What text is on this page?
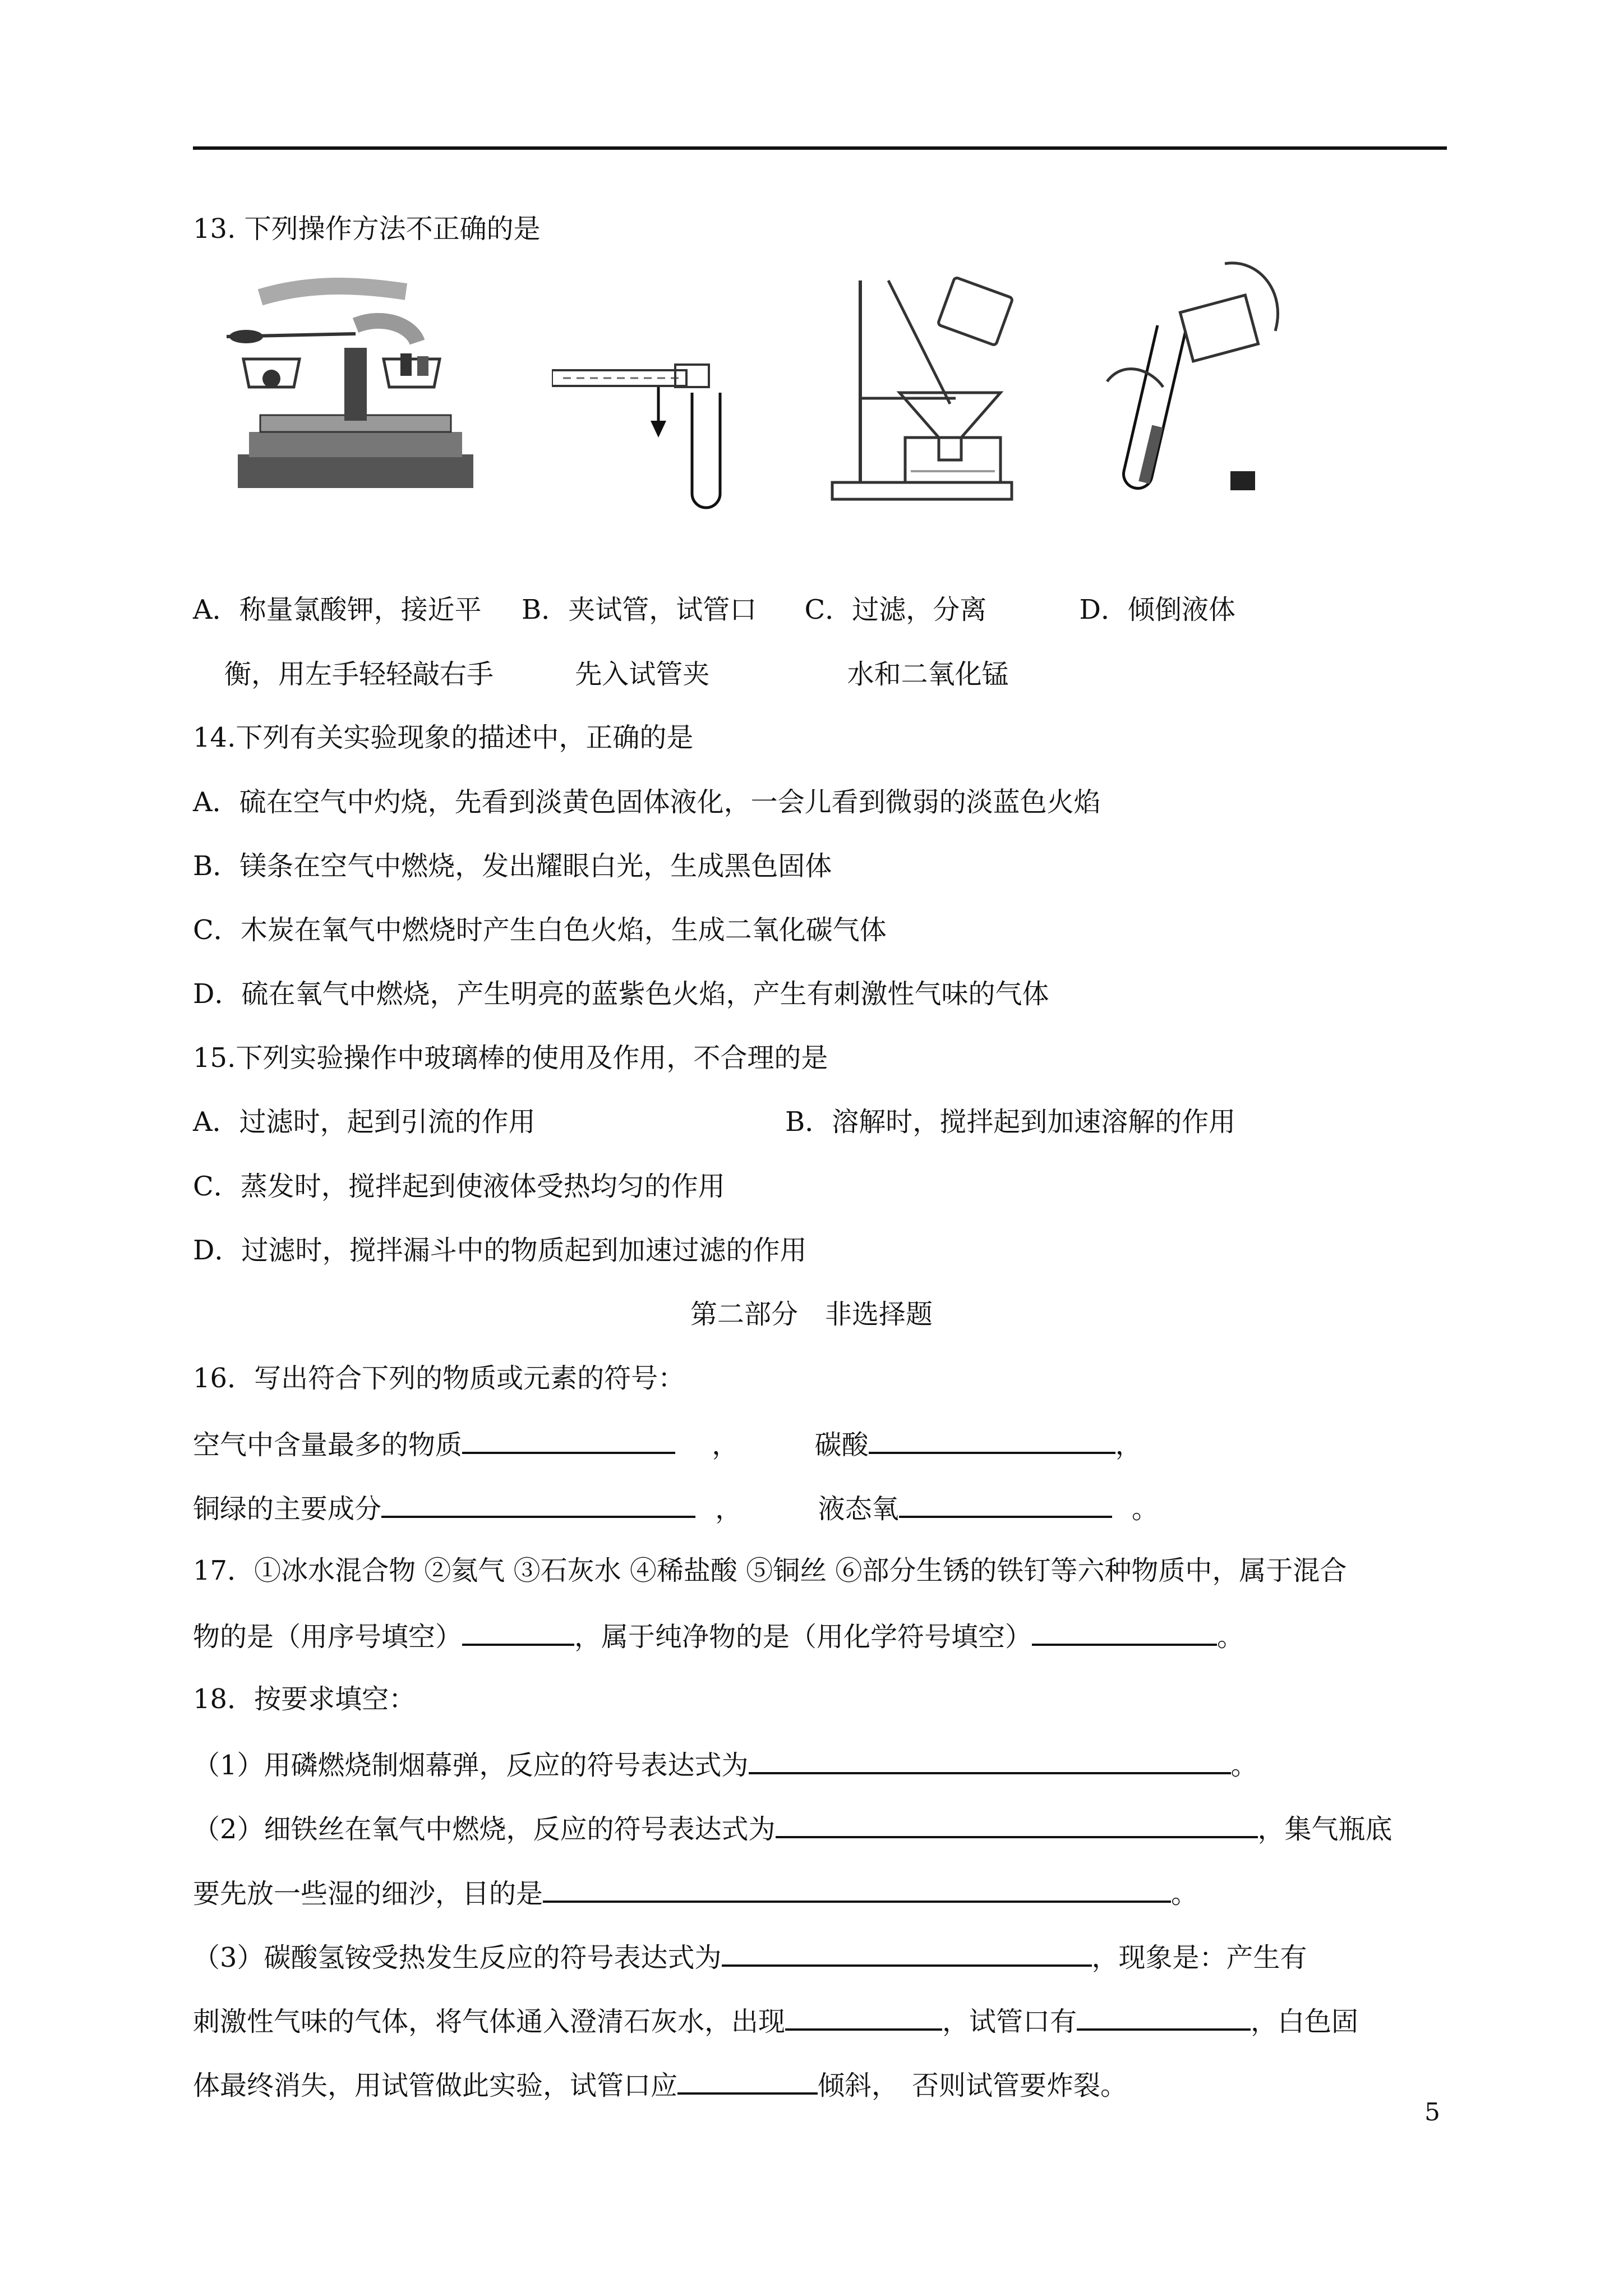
13. 下列操作方法不正确的是
A．称量氯酸钾，接近平 B．夹试管，试管口 C．过滤，分离	D．倾倒液体
衡，用左手轻轻敲右手	先入试管夹	水和二氧化锰
14.下列有关实验现象的描述中，正确的是
A．硫在空气中灼烧，先看到淡黄色固体液化，一会儿看到微弱的淡蓝色火焰
B．镁条在空气中燃烧，发出耀眼白光，生成黑色固体
C．木炭在氧气中燃烧时产生白色火焰，生成二氧化碳气体
D．硫在氧气中燃烧，产生明亮的蓝紫色火焰，产生有刺激性气味的气体
15.下列实验操作中玻璃棒的使用及作用，不合理的是
A．过滤时，起到引流的作用	B．溶解时，搅拌起到加速溶解的作用
C．蒸发时，搅拌起到使液体受热均匀的作用
D．过滤时，搅拌漏斗中的物质起到加速过滤的作用
第二部分　非选择题
16．写出符合下列的物质或元素的符号：
空气中含量最多的物质	，	碳酸	，
铜绿的主要成分	，	液态氧	。
17．①冰水混合物 ②氦气 ③石灰水 ④稀盐酸 ⑤铜丝 ⑥部分生锈的铁钉等六种物质中，属于混合
物的是（用序号填空）	，属于纯净物的是（用化学符号填空）	。
18．按要求填空：
（1）用磷燃烧制烟幕弹，反应的符号表达式为	。
（2）细铁丝在氧气中燃烧，反应的符号表达式为	，集气瓶底
要先放一些湿的细沙，目的是	。
（3）碳酸氢铵受热发生反应的符号表达式为	，现象是：产生有
刺激性气味的气体，将气体通入澄清石灰水，出现	，试管口有	，白色固
体最终消失，用试管做此实验，试管口应	倾斜， 否则试管要炸裂。
5
